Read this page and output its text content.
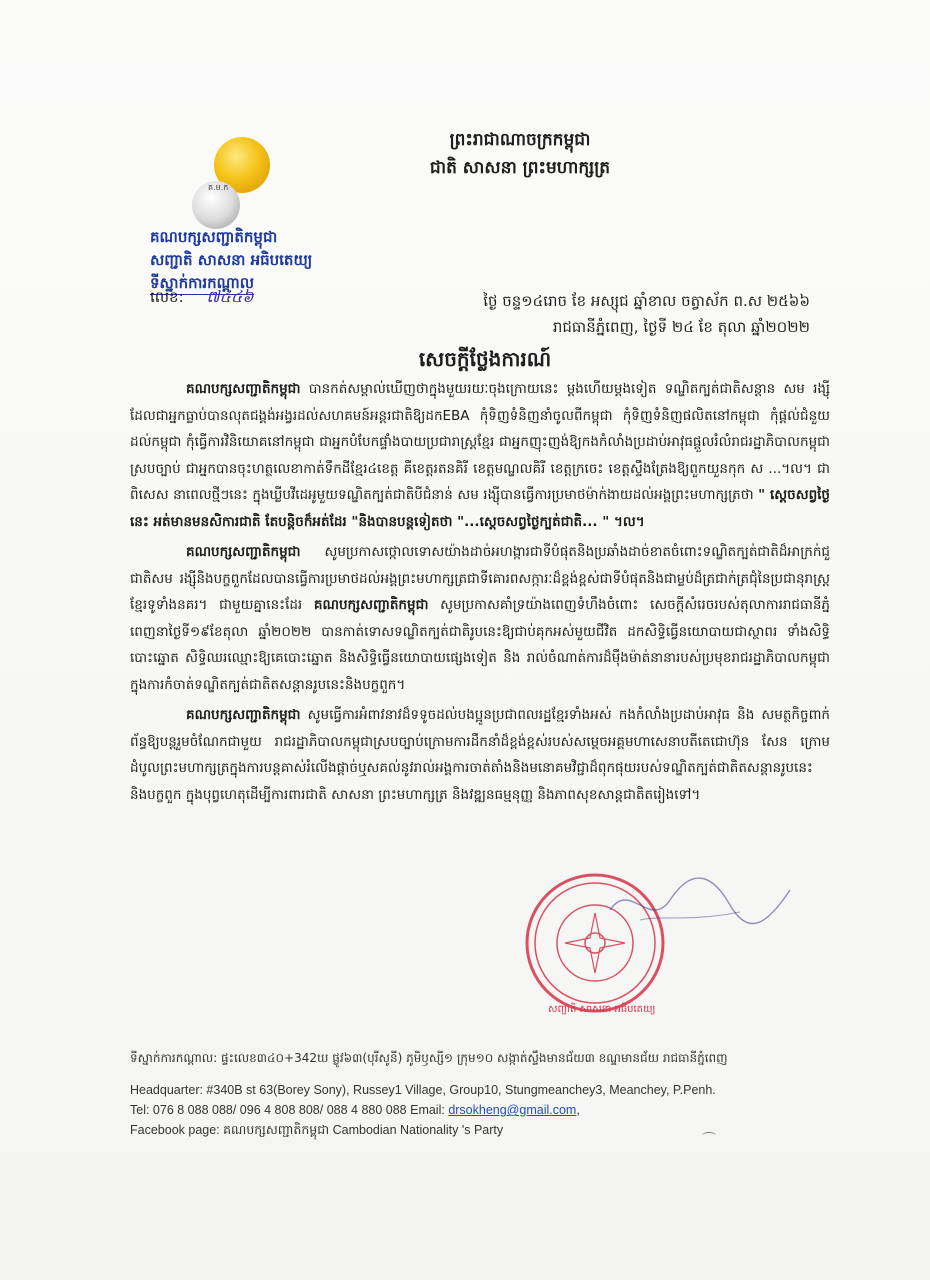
គ.ម.ក
គណបក្សសញ្ជាតិកម្ពុជា
សញ្ជាតិ សាសនា អធិបតេយ្យ
ទីស្នាក់ការកណ្តាល
លេខ: ៧៤៤៦
ព្រះរាជាណាចក្រកម្ពុជា
ជាតិ សាសនា ព្រះមហាក្សត្រ
ថ្ងៃ ចន្ទ១៤រោច ខែ អស្សុជ ឆ្នាំខាល ចត្វាស័ក ព.ស ២៥៦៦
រាជធានីភ្នំពេញ, ថ្ងៃទី ២៤ ខែ តុលា ឆ្នាំ២០២២
សេចក្តីថ្លែងការណ៍

គណបក្សសញ្ជាតិកម្ពុជា បានកត់សម្គាល់ឃើញថាក្នុងមួយរយៈចុងក្រោយនេះ ម្តងហើយម្តងទៀត ទណ្ឌិតក្បត់ជាតិសន្តាន សម រង្ស៊ី ដែលជាអ្នកធ្លាប់បានលុតជង្គង់អង្វរដល់សហគមន៍អន្តរជាតិឱ្យដកEBA កុំទិញទំនិញនាំចូលពីកម្ពុជា កុំទិញទំនិញផលិតនៅកម្ពុជា កុំផ្តល់ជំនួយដល់កម្ពុជា កុំធ្វើការវិនិយោគនៅកម្ពុជា ជាអ្នកបំបែកផ្ទាំងបាយប្រជារាស្ត្រខ្មែរ ជាអ្នកញុះញង់ឱ្យកងកំលាំងប្រដាប់អាវុធផ្តួលរំលំរាជរដ្ឋាភិបាលកម្ពុជាស្របច្បាប់ ជាអ្នកបានចុះហត្ថលេខាកាត់ទឹកដីខ្មែរ៤ខេត្ត គឺខេត្តរតនគិរី ខេត្តមណ្ឌលគិរី ខេត្តក្រចេះ ខេត្តស្ទឹងត្រែងឱ្យពួកយួនកុក ស ...។ល។ ជាពិសេស នាពេលថ្មីៗនេះ ក្នុងឃ្លីបវីដេអូមួយទណ្ឌិតក្បត់ជាតិបីជំនាន់ សម រង្ស៊ីបានធ្វើការប្រមាថម៉ាក់ងាយដល់អង្គព្រះមហាក្សត្រថា " ស្តេចសព្វថ្ងៃនេះ អត់មានមនសិការជាតិ តែបន្តិចក៏អត់ដែរ "និងបានបន្តទៀតថា "...ស្តេចសព្វថ្ងៃក្បត់ជាតិ... " ។ល។

គណបក្សសញ្ជាតិកម្ពុជា សូមប្រកាសថ្កោលទោសយ៉ាងដាច់អហង្ការជាទីបំផុតនិងប្រឆាំងដាច់ខាតចំពោះទណ្ឌិតក្បត់ជាតិដ៏អាក្រក់ជួជាតិសម រង្ស៊ីនិងបក្ខពួកដែលបានធ្វើការប្រមាថដល់អង្គព្រះមហាក្សត្រជាទីគោរពសក្ការៈដ៏ខ្ពង់ខ្ពស់ជាទីបំផុតនិងជាម្លប់ដ៏ត្រជាក់ត្រជុំនៃប្រជានុរាស្ត្រខ្មែរទូទាំងនគរ។ ជាមួយគ្នានេះដែរ គណបក្សសញ្ជាតិកម្ពុជា សូមប្រកាសគាំទ្រយ៉ាងពេញទំហឹងចំពោះ សេចក្តីសំរេចរបស់តុលាការរាជធានីភ្នំពេញនាថ្ងៃទី១៩ខែតុលា ឆ្នាំ២០២២ បានកាត់ទោសទណ្ឌិតក្បត់ជាតិរូបនេះឱ្យជាប់គុកអស់មួយជីវិត ដកសិទ្ធិធ្វើនយោបាយជាស្ថាពរ ទាំងសិទ្ធិបោះឆ្នោត សិទ្ធិឈរឈ្មោះឱ្យគេបោះឆ្នោត និងសិទ្ធិធ្វើនយោបាយផ្សេងទៀត និង រាល់ចំណាត់ការដ៏ម៉ឺងម៉ាត់នានារបស់ប្រមុខរាជរដ្ឋាភិបាលកម្ពុជា ក្នុងការកំចាត់ទណ្ឌិតក្បត់ជាតិតសន្តានរូបនេះនិងបក្ខពួក។

គណបក្សសញ្ជាតិកម្ពុជា សូមធ្វើការអំពាវនាវដ៏ទទូចដល់បងប្អូនប្រជាពលរដ្ឋខ្មែរទាំងអស់ កងកំលាំងប្រដាប់អាវុធ និង សមត្ថកិច្ចពាក់ព័ន្ធឱ្យបន្តរួមចំណែកជាមួយ រាជរដ្ឋាភិបាលកម្ពុជាស្របច្បាប់ក្រោមការដឹកនាំដ៏ខ្ពង់ខ្ពស់របស់សម្តេចអគ្គមហាសេនាបតីតេជោហ៊ុន សែន ក្រោមដំបូលព្រះមហាក្សត្រក្នុងការបន្តគាស់រំលើងផ្តាច់ឬសគល់នូវរាល់អង្គការចាត់តាំងនិងមនោគមវិជ្ជាដ៏ពុកផុយរបស់ទណ្ឌិតក្បត់ជាតិតសន្តានរូបនេះ និងបក្ខពួក ក្នុងបុព្វហេតុដើម្បីការពារជាតិ សាសនា ព្រះមហាក្សត្រ និងវឌ្ឍនធម្មនុញ្ញ និងភាពសុខសាន្តជាតិតរៀងទៅ។

សញ្ជាតិ សាសនា អធិបតេយ្យ
ទីស្នាក់ការកណ្តាល: ផ្ទះលេខ៣៤០+342ឃ ផ្លូវ៦៣(បុរីសូនី) ភូមិឫស្សី១ ក្រុម១០ សង្កាត់ស្ទឹងមានជ័យ៣ ខណ្ឌមានជ័យ រាជធានីភ្នំពេញ
Headquarter: #340B st 63(Borey Sony), Russey1 Village, Group10, Stungmeanchey3, Meanchey, P.Penh.
Tel: 076 8 088 088/ 096 4 808 808/ 088 4 880 088 Email: drsokheng@gmail.com,
Facebook page: គណបក្សសញ្ជាតិកម្ពុជា Cambodian Nationality 's Party
